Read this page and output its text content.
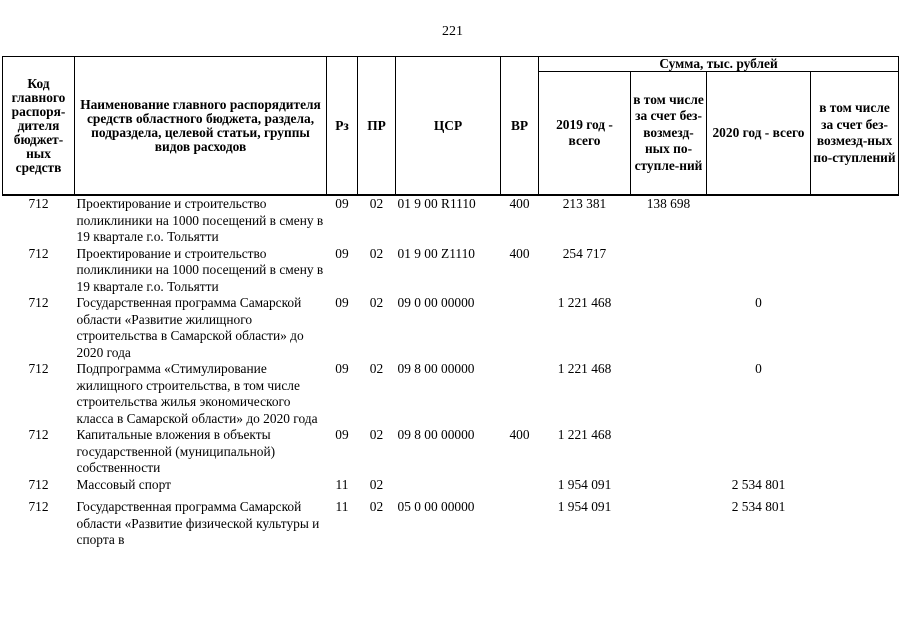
221
Код главного распоря-дителя бюджет-ных средств	Наименование главного распорядителя средств областного бюджета, раздела, подраздела, целевой статьи, группы видов расходов	Рз	ПР	ЦСР	ВР	Сумма, тыс. рублей			
						2019 год - всего	в том числе за счет без-возмезд-ных по-ступле-ний	2020 год - всего	в том числе за счет без-возмезд-ных по-ступлений
712	Проектирование и строительство поликлиники на 1000 посещений в смену в 19 квартале г.о. Тольятти	09	02	01 9 00 R1110	400	213 381	138 698		
712	Проектирование и строительство поликлиники на 1000 посещений в смену в 19 квартале г.о. Тольятти	09	02	01 9 00 Z1110	400	254 717			
712	Государственная программа Самарской области «Развитие жилищного строительства в Самарской области» до 2020 года	09	02	09 0 00 00000		1 221 468		0	
712	Подпрограмма «Стимулирование жилищного строительства, в том числе строительства жилья экономического класса в Самарской области» до 2020 года	09	02	09 8 00 00000		1 221 468		0	
712	Капитальные вложения в объекты государственной (муниципальной) собственности	09	02	09 8 00 00000	400	1 221 468			
712	Массовый спорт	11	02			1 954 091		2 534 801	

712	Государственная программа Самарской области «Развитие физической культуры и спорта в	11	02	05 0 00 00000		1 954 091		2 534 801	
